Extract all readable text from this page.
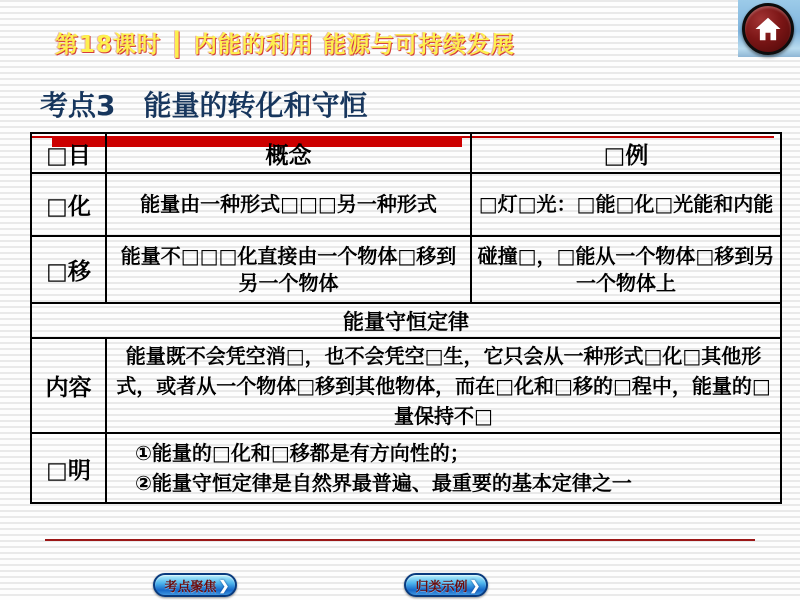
第18课时 ┃ 内能的利用 能源与可持续发展
考点3　能量的转化和守恒
□目	概念	□例
□化	能量由一种形式□□□另一种形式	□灯□光：□能□化□光能和内能
□移	能量不□□□化直接由一个物体□移到另一个物体	碰撞□，□能从一个物体□移到另一个物体上
能量守恒定律		
内容	能量既不会凭空消□，也不会凭空□生，它只会从一种形式□化□其他形式，或者从一个物体□移到其他物体，而在□化和□移的□程中，能量的□量保持不□	
□明	①能量的□化和□移都是有方向性的；
②能量守恒定律是自然界最普遍、最重要的基本定律之一	
考点聚焦 ❯	归类示例 ❯
